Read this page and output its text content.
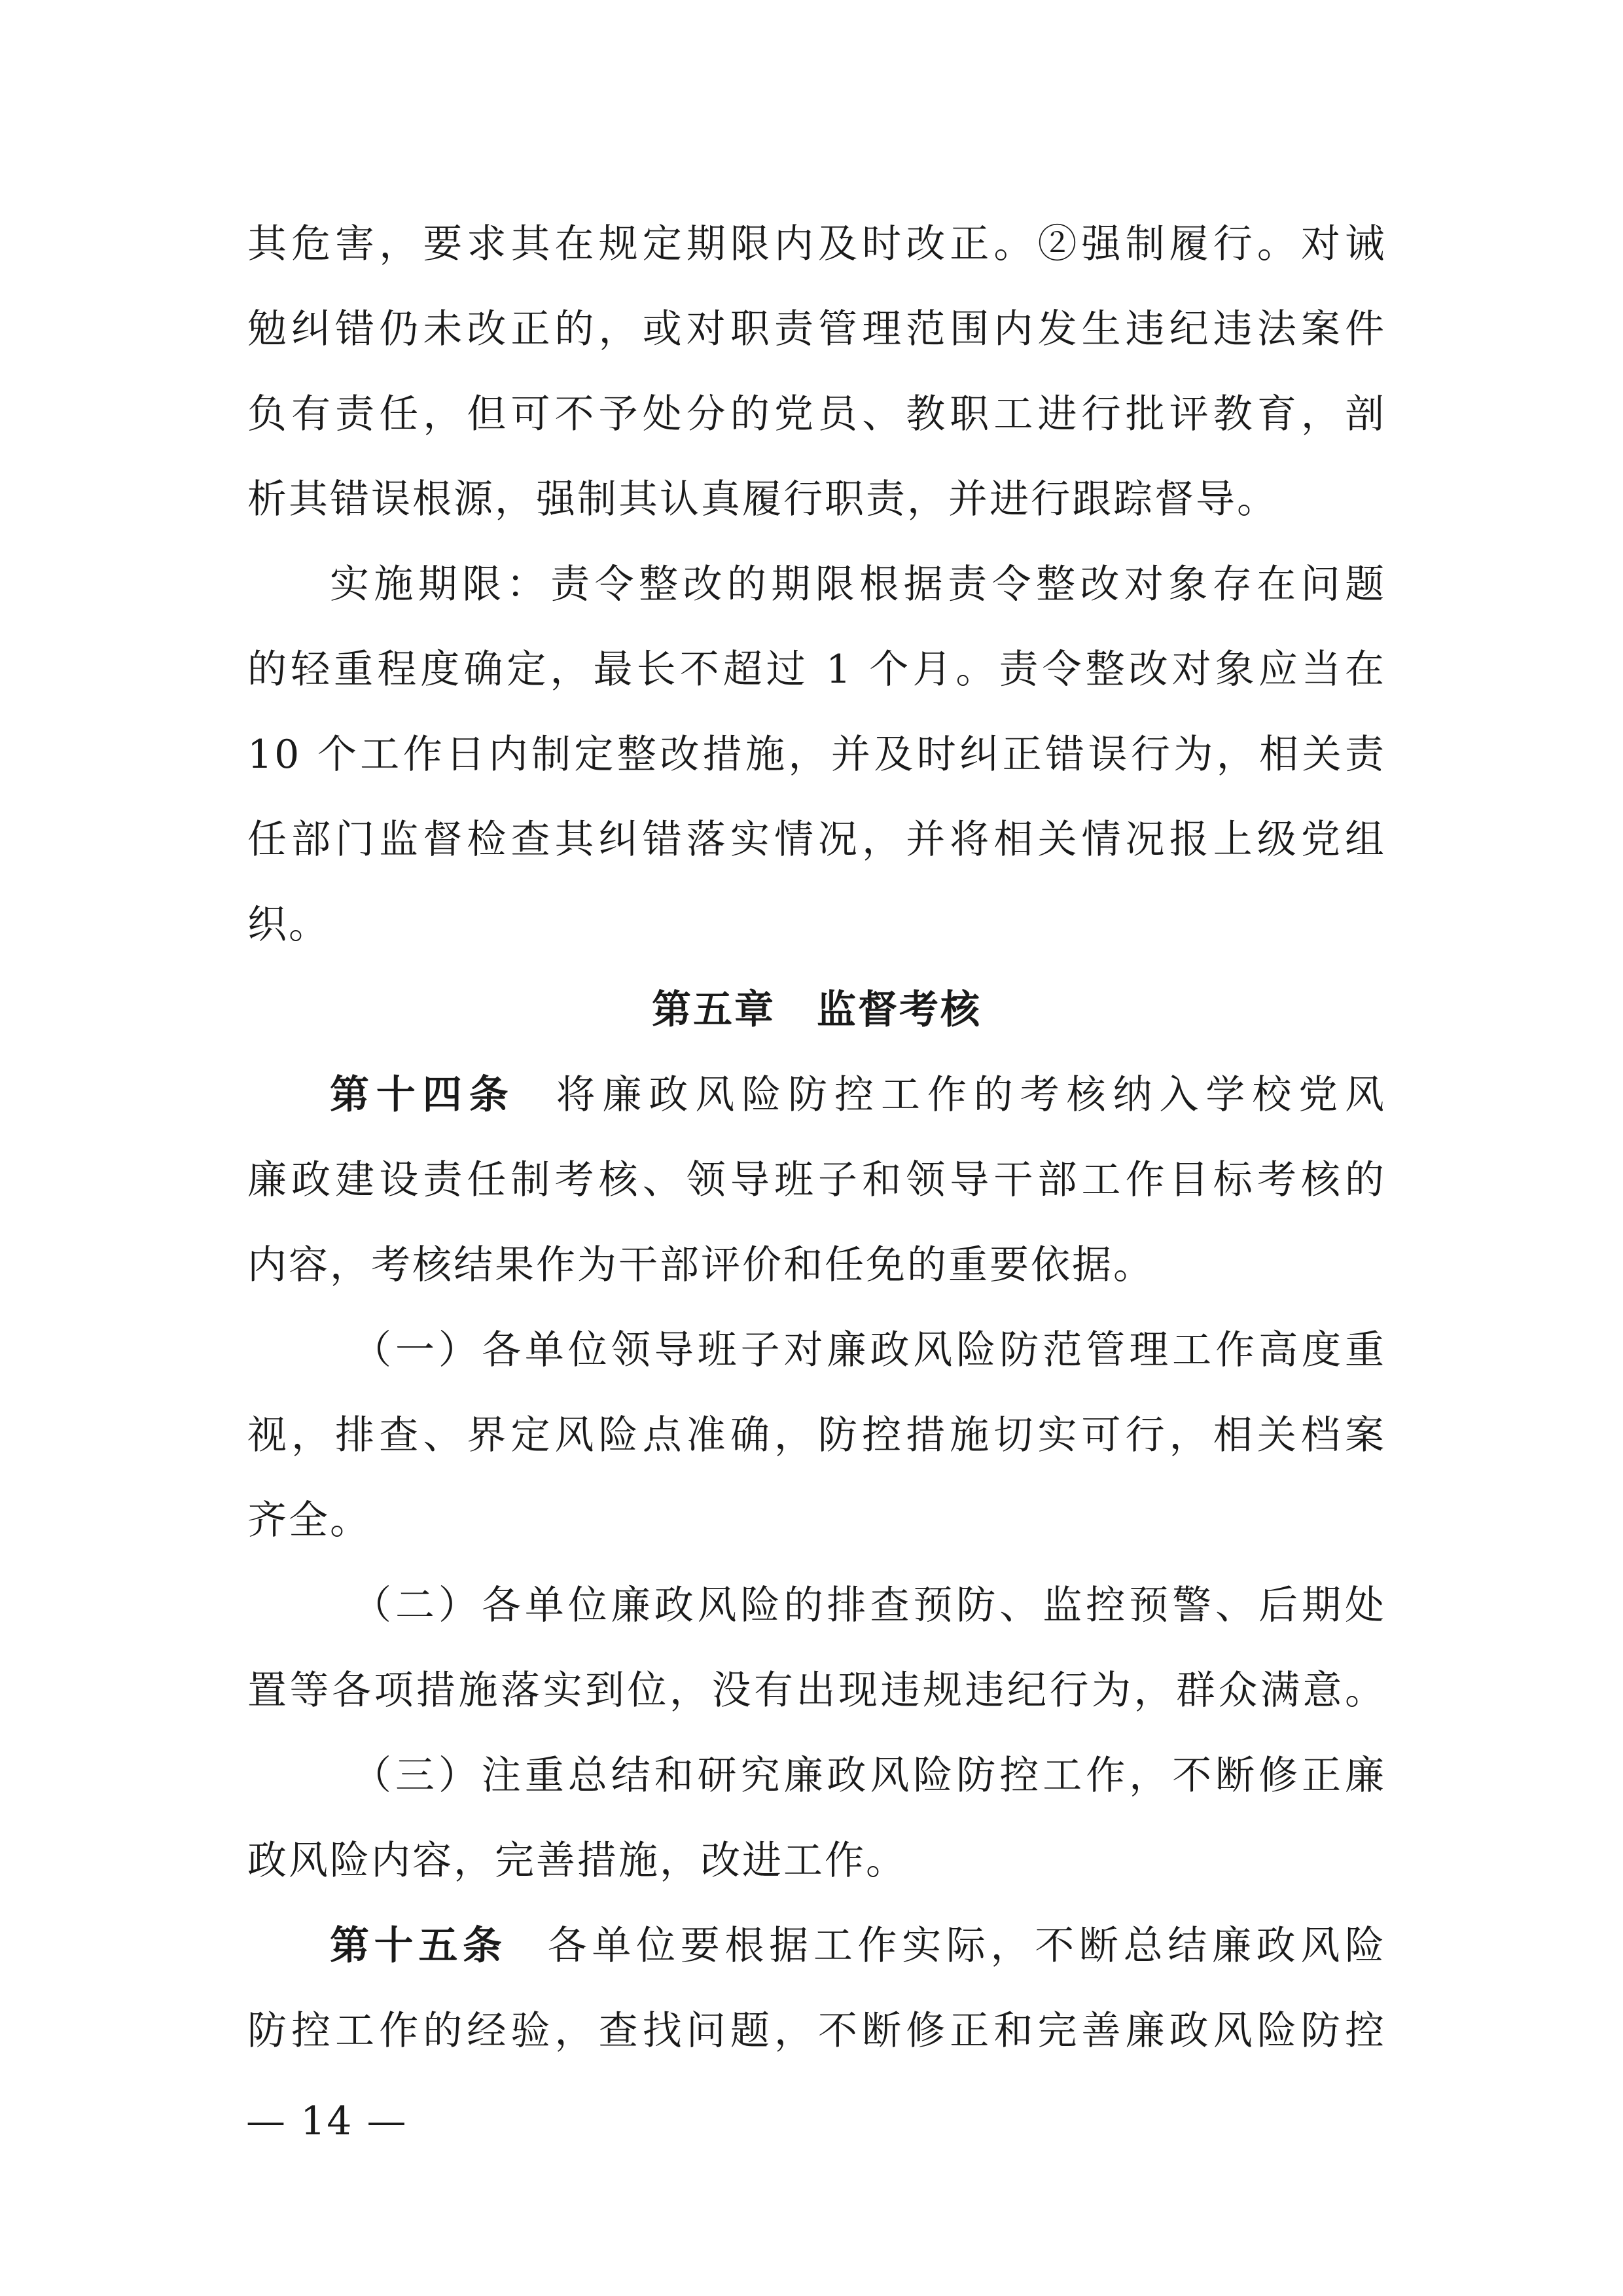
其危害，要求其在规定期限内及时改正。②强制履行。对诫
勉纠错仍未改正的，或对职责管理范围内发生违纪违法案件
负有责任，但可不予处分的党员、教职工进行批评教育，剖
析其错误根源，强制其认真履行职责，并进行跟踪督导。
实施期限：责令整改的期限根据责令整改对象存在问题
的轻重程度确定，最长不超过 1 个月。责令整改对象应当在
10 个工作日内制定整改措施，并及时纠正错误行为，相关责
任部门监督检查其纠错落实情况，并将相关情况报上级党组
织。
第五章　监督考核
第十四条 将廉政风险防控工作的考核纳入学校党风
廉政建设责任制考核、领导班子和领导干部工作目标考核的
内容，考核结果作为干部评价和任免的重要依据。
（一）各单位领导班子对廉政风险防范管理工作高度重
视，排查、界定风险点准确，防控措施切实可行，相关档案
齐全。
（二）各单位廉政风险的排查预防、监控预警、后期处
置等各项措施落实到位，没有出现违规违纪行为，群众满意。
（三）注重总结和研究廉政风险防控工作，不断修正廉
政风险内容，完善措施，改进工作。
第十五条 各单位要根据工作实际，不断总结廉政风险
防控工作的经验，查找问题，不断修正和完善廉政风险防控
— 14 —
